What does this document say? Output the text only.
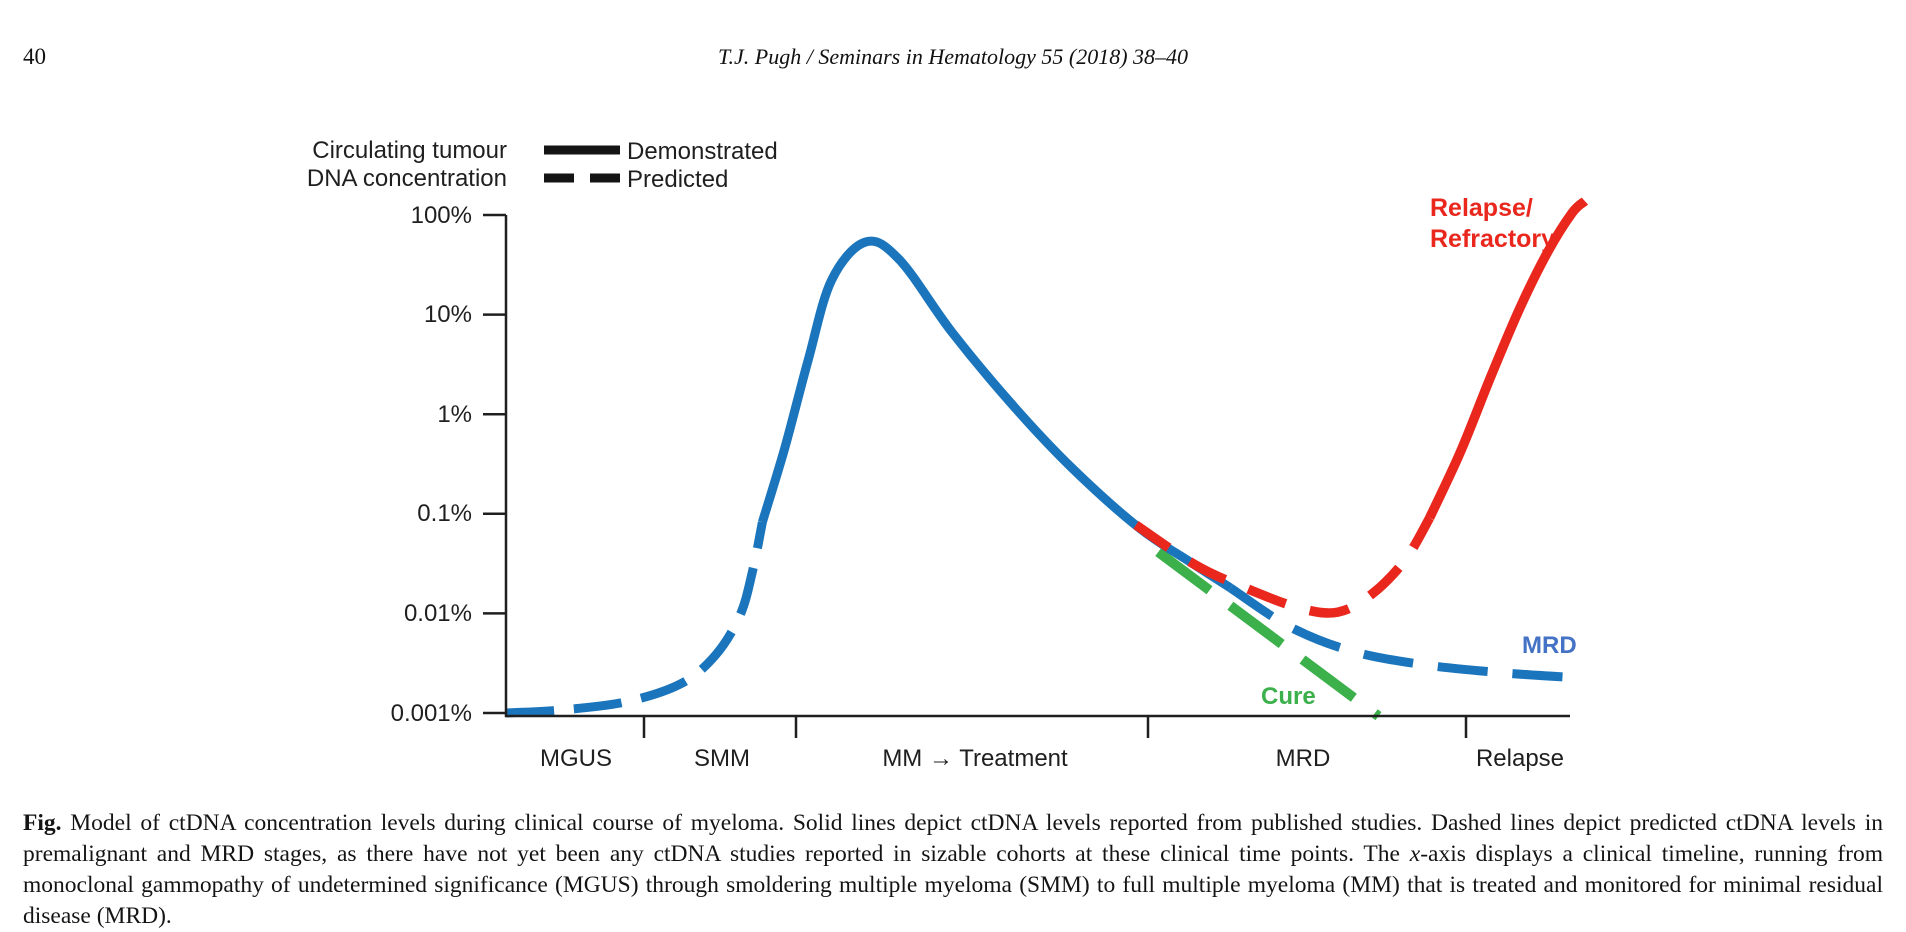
40	T.J. Pugh / Seminars in Hematology 55 (2018) 38–40
Circulating tumour
DNA concentration
Demonstrated
Predicted
100%
10%
1%
0.1%
0.01%
0.001%
MGUS	SMM	MM → Treatment	MRD	Relapse
Relapse/
Refractory
MRD
Cure

Fig. Model of ctDNA concentration levels during clinical course of myeloma. Solid lines depict ctDNA levels reported from published studies. Dashed lines depict predicted ctDNA levels in premalignant and MRD stages, as there have not yet been any ctDNA studies reported in sizable cohorts at these clinical time points. The x-axis displays a clinical timeline, running from monoclonal gammopathy of undetermined significance (MGUS) through smoldering multiple myeloma (SMM) to full multiple myeloma (MM) that is treated and monitored for minimal residual disease (MRD).
